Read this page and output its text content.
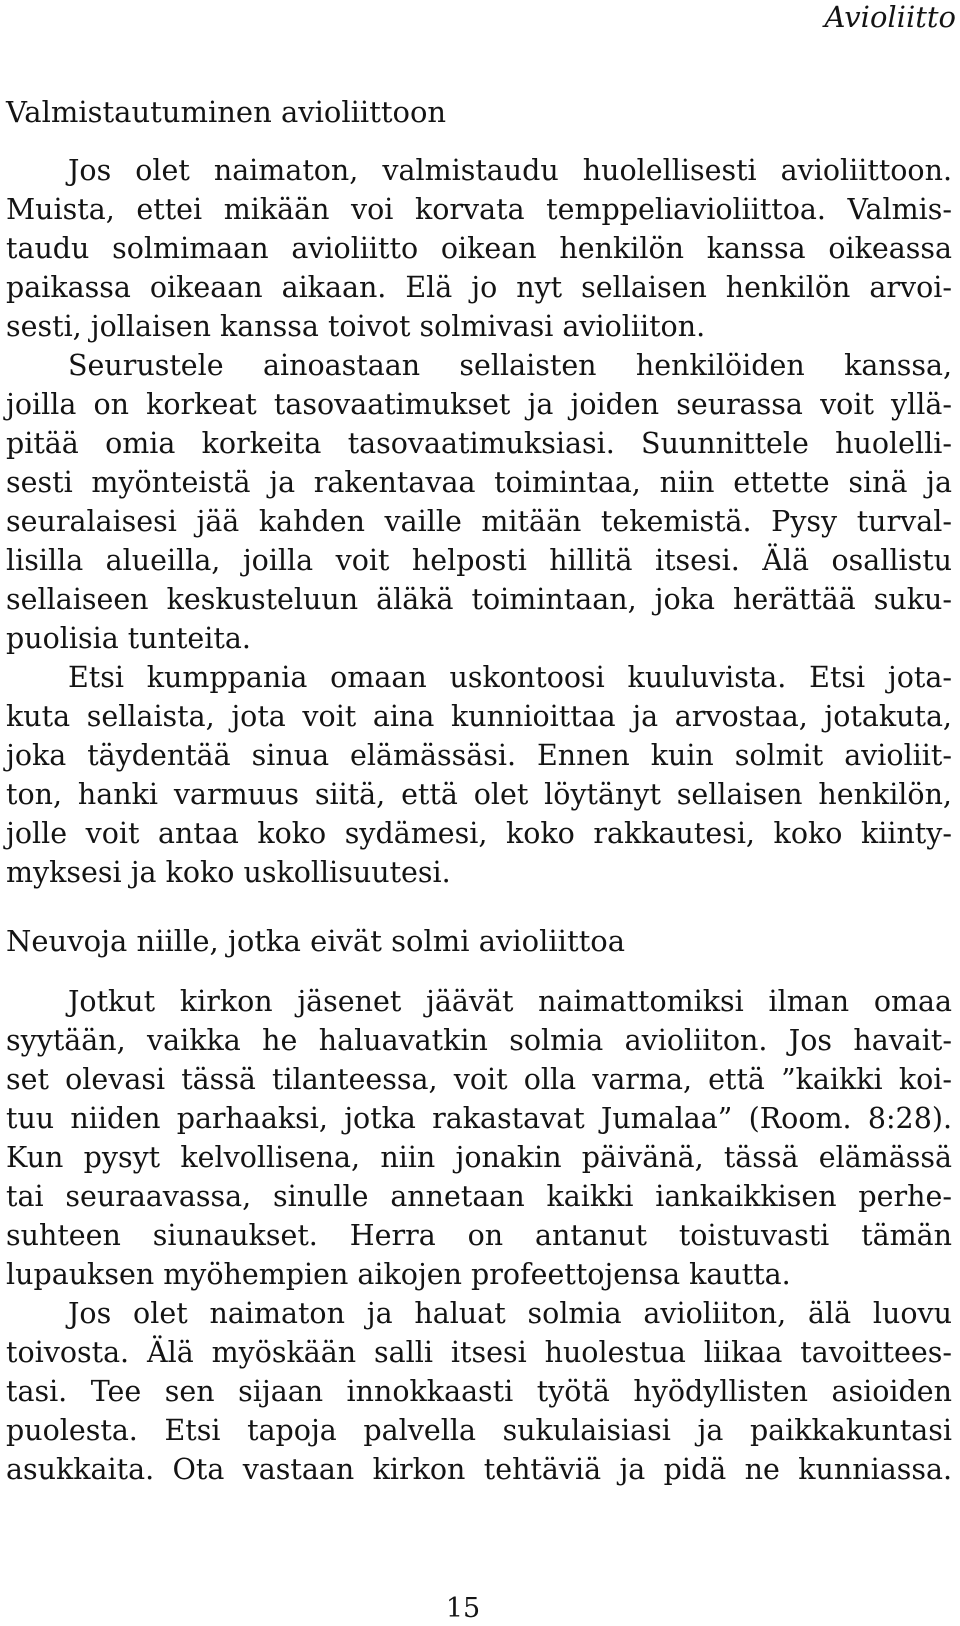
Avioliitto
Valmistautuminen avioliittoon
Jos olet naimaton, valmistaudu huolellisesti avioliittoon.
Muista, ettei mikään voi korvata temppeliavioliittoa. Valmis-
taudu solmimaan avioliitto oikean henkilön kanssa oikeassa
paikassa oikeaan aikaan. Elä jo nyt sellaisen henkilön arvoi-
sesti, jollaisen kanssa toivot solmivasi avioliiton.
Seurustele ainoastaan sellaisten henkilöiden kanssa,
joilla on korkeat tasovaatimukset ja joiden seurassa voit yllä-
pitää omia korkeita tasovaatimuksiasi. Suunnittele huolelli-
sesti myönteistä ja rakentavaa toimintaa, niin ettette sinä ja
seuralaisesi jää kahden vaille mitään tekemistä. Pysy turval-
lisilla alueilla, joilla voit helposti hillitä itsesi. Älä osallistu
sellaiseen keskusteluun äläkä toimintaan, joka herättää suku-
puolisia tunteita.
Etsi kumppania omaan uskontoosi kuuluvista. Etsi jota-
kuta sellaista, jota voit aina kunnioittaa ja arvostaa, jotakuta,
joka täydentää sinua elämässäsi. Ennen kuin solmit avioliit-
ton, hanki varmuus siitä, että olet löytänyt sellaisen henkilön,
jolle voit antaa koko sydämesi, koko rakkautesi, koko kiinty-
myksesi ja koko uskollisuutesi.
Neuvoja niille, jotka eivät solmi avioliittoa
Jotkut kirkon jäsenet jäävät naimattomiksi ilman omaa
syytään, vaikka he haluavatkin solmia avioliiton. Jos havait-
set olevasi tässä tilanteessa, voit olla varma, että ”kaikki koi-
tuu niiden parhaaksi, jotka rakastavat Jumalaa” (Room. 8:28).
Kun pysyt kelvollisena, niin jonakin päivänä, tässä elämässä
tai seuraavassa, sinulle annetaan kaikki iankaikkisen perhe-
suhteen siunaukset. Herra on antanut toistuvasti tämän
lupauksen myöhempien aikojen profeettojensa kautta.
Jos olet naimaton ja haluat solmia avioliiton, älä luovu
toivosta. Älä myöskään salli itsesi huolestua liikaa tavoittees-
tasi. Tee sen sijaan innokkaasti työtä hyödyllisten asioiden
puolesta. Etsi tapoja palvella sukulaisiasi ja paikkakuntasi
asukkaita. Ota vastaan kirkon tehtäviä ja pidä ne kunniassa.
15
